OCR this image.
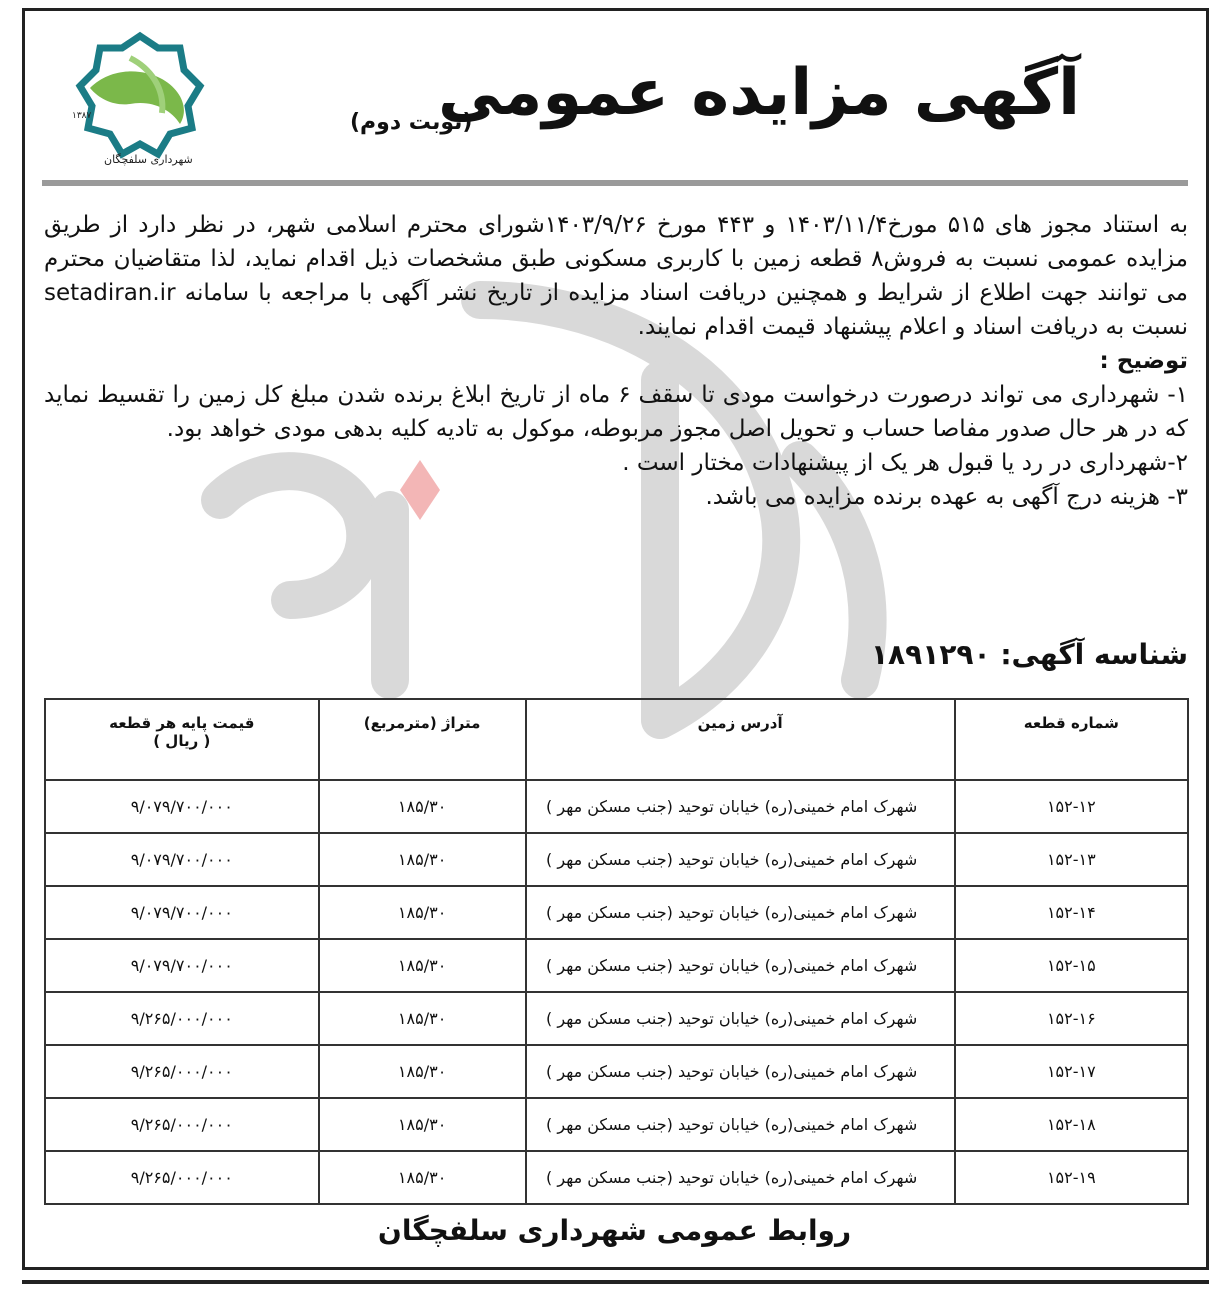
شهرداری سلفچگان
۱۳۸۷	آگهی مزایده عمومی
(نوبت دوم)

به استناد مجوز های ۵۱۵ مورخ۱۴۰۳/۱۱/۴ و ۴۴۳ مورخ ۱۴۰۳/۹/۲۶شورای محترم اسلامی شهر، در نظر دارد از طریق مزایده عمومی نسبت به فروش۸ قطعه زمین با کاربری مسکونی طبق مشخصات ذیل اقدام نماید، لذا متقاضیان محترم می توانند جهت اطلاع از شرایط و همچنین دریافت اسناد مزایده از تاریخ نشر آگهی با مراجعه با سامانه setadiran.ir نسبت به دریافت اسناد و اعلام پیشنهاد قیمت اقدام نمایند.

توضیح :

۱- شهرداری می تواند درصورت درخواست مودی تا سقف ۶ ماه از تاریخ ابلاغ برنده شدن مبلغ کل زمین را تقسیط نماید که در هر حال صدور مفاصا حساب و تحویل اصل مجوز مربوطه، موکول به تادیه کلیه بدهی مودی خواهد بود.

۲-شهرداری در رد یا قبول هر یک از پیشنهادات مختار است .

۳- هزینه درج آگهی به عهده برنده مزایده می باشد.

شناسه آگهی: ۱۸۹۱۲۹۰
شماره قطعه	آدرس زمین	متراژ (مترمربع)	قیمت پایه هر قطعه
( ریال )

۱۵۲-۱۲	شهرک امام خمینی(ره) خیابان توحید (جنب مسکن مهر )	۱۸۵/۳۰	۹/۰۷۹/۷۰۰/۰۰۰
۱۵۲-۱۳	شهرک امام خمینی(ره) خیابان توحید (جنب مسکن مهر )	۱۸۵/۳۰	۹/۰۷۹/۷۰۰/۰۰۰
۱۵۲-۱۴	شهرک امام خمینی(ره) خیابان توحید (جنب مسکن مهر )	۱۸۵/۳۰	۹/۰۷۹/۷۰۰/۰۰۰
۱۵۲-۱۵	شهرک امام خمینی(ره) خیابان توحید (جنب مسکن مهر )	۱۸۵/۳۰	۹/۰۷۹/۷۰۰/۰۰۰
۱۵۲-۱۶	شهرک امام خمینی(ره) خیابان توحید (جنب مسکن مهر )	۱۸۵/۳۰	۹/۲۶۵/۰۰۰/۰۰۰
۱۵۲-۱۷	شهرک امام خمینی(ره) خیابان توحید (جنب مسکن مهر )	۱۸۵/۳۰	۹/۲۶۵/۰۰۰/۰۰۰
۱۵۲-۱۸	شهرک امام خمینی(ره) خیابان توحید (جنب مسکن مهر )	۱۸۵/۳۰	۹/۲۶۵/۰۰۰/۰۰۰
۱۵۲-۱۹	شهرک امام خمینی(ره) خیابان توحید (جنب مسکن مهر )	۱۸۵/۳۰	۹/۲۶۵/۰۰۰/۰۰۰
روابط عمومی شهرداری سلفچگان
